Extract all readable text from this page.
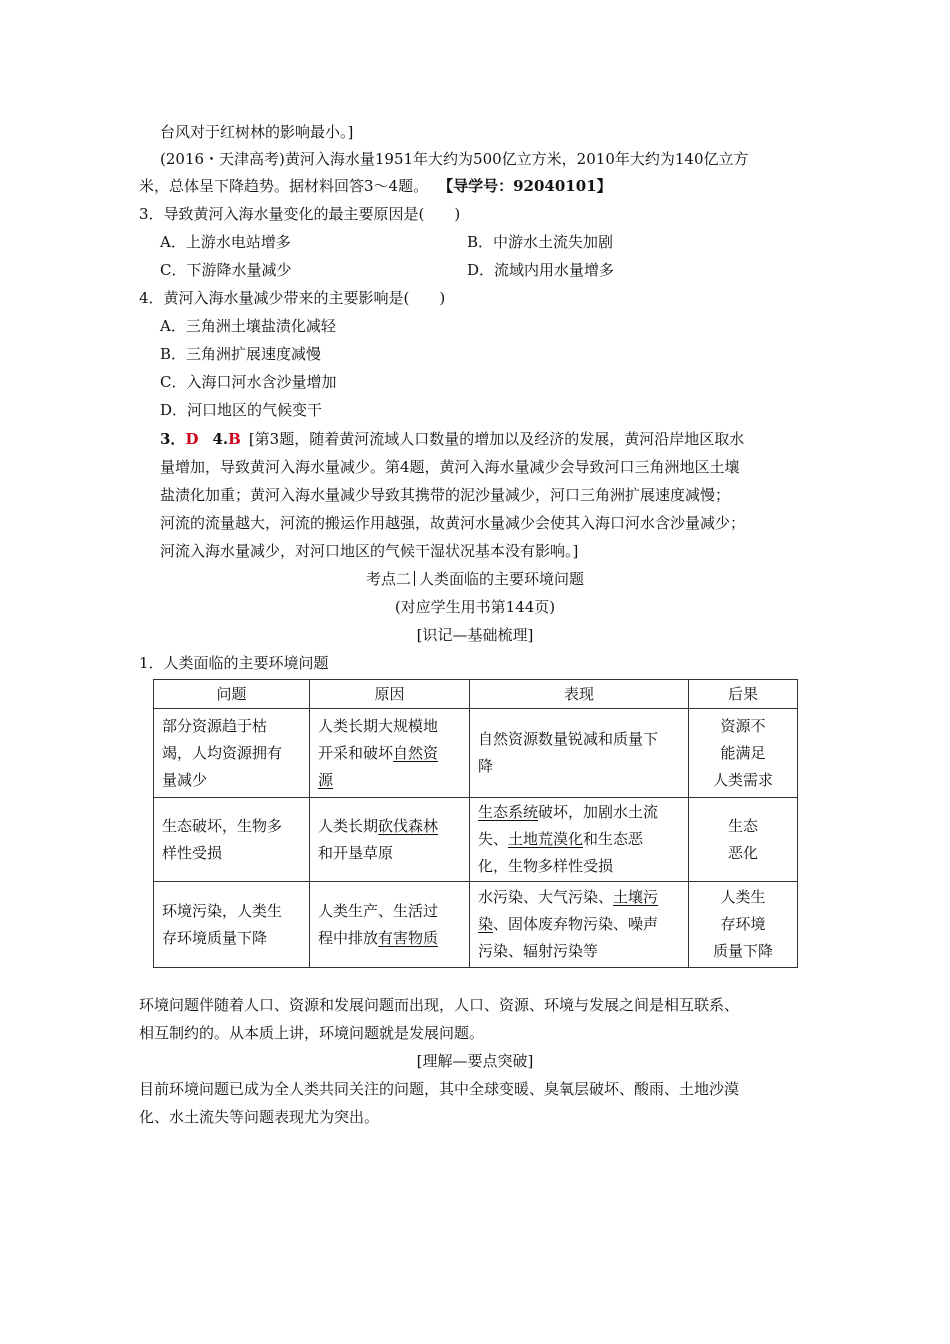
台风对于红树林的影响最小。]
(2016・天津高考)黄河入海水量1951年大约为500亿立方米，2010年大约为140亿立方
米，总体呈下降趋势。据材料回答3～4题。 【导学号：92040101】
3．导致黄河入海水量变化的最主要原因是(　　)
A．上游水电站增多	B．中游水土流失加剧
C．下游降水量减少	D．流域内用水量增多
4．黄河入海水量减少带来的主要影响是(　　)
A．三角洲土壤盐渍化减轻
B．三角洲扩展速度减慢
C．入海口河水含沙量增加
D．河口地区的气候变干
3．D 4.B [第3题，随着黄河流域人口数量的增加以及经济的发展，黄河沿岸地区取水
量增加，导致黄河入海水量减少。第4题，黄河入海水量减少会导致河口三角洲地区土壤
盐渍化加重；黄河入海水量减少导致其携带的泥沙量减少，河口三角洲扩展速度减慢；
河流的流量越大，河流的搬运作用越强，故黄河水量减少会使其入海口河水含沙量减少；
河流入海水量减少，对河口地区的气候干湿状况基本没有影响。]
考点二 人类面临的主要环境问题
(对应学生用书第144页)
[识记—基础梳理]
1．人类面临的主要环境问题
问题	原因	表现	后果
部分资源趋于枯
竭，人均资源拥有
量减少	人类长期大规模地
开采和破坏自然资
源	自然资源数量锐减和质量下
降	资源不
能满足
人类需求
生态破坏，生物多
样性受损	人类长期砍伐森林
和开垦草原	生态系统破坏，加剧水土流
失、土地荒漠化和生态恶
化，生物多样性受损	生态
恶化
环境污染，人类生
存环境质量下降	人类生产、生活过
程中排放有害物质	水污染、大气污染、土壤污
染、固体废弃物污染、噪声
污染、辐射污染等	人类生
存环境
质量下降
环境问题伴随着人口、资源和发展问题而出现，人口、资源、环境与发展之间是相互联系、
相互制约的。从本质上讲，环境问题就是发展问题。
[理解—要点突破]
目前环境问题已成为全人类共同关注的问题，其中全球变暖、臭氧层破坏、酸雨、土地沙漠
化、水土流失等问题表现尤为突出。
